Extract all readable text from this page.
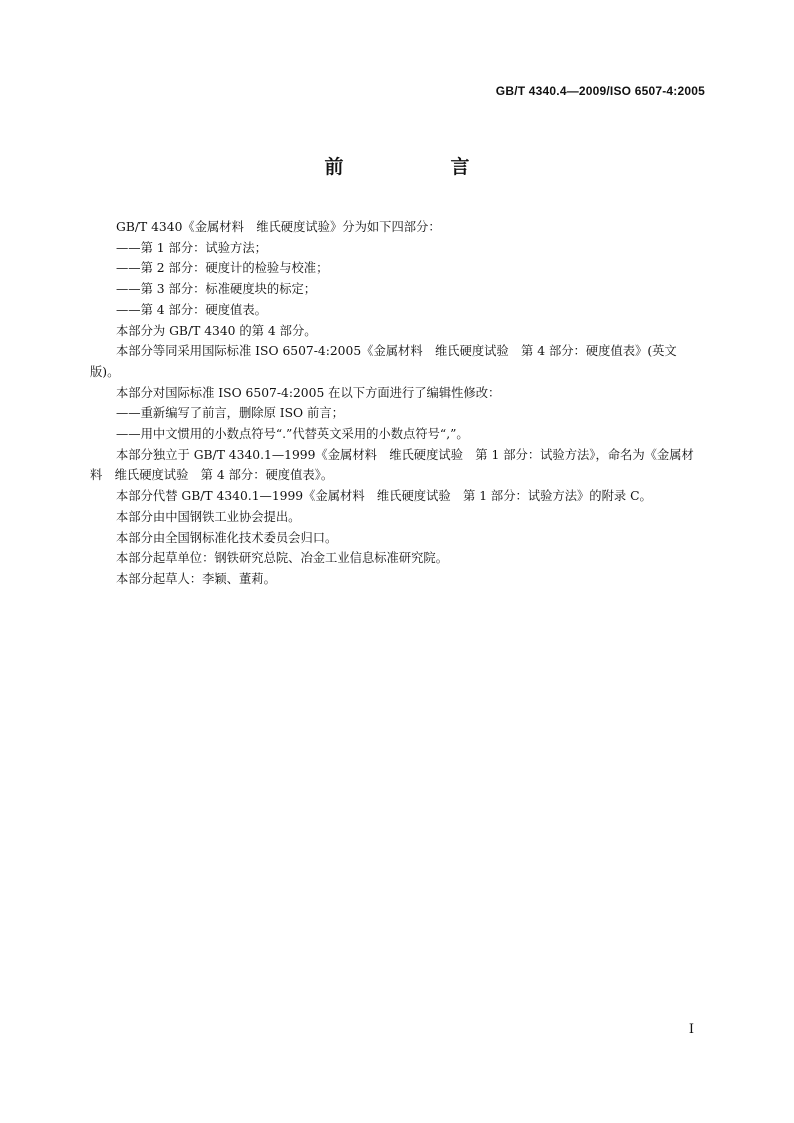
GB/T 4340.4—2009/ISO 6507-4:2005
前　言

GB/T 4340《金属材料　维氏硬度试验》分为如下四部分：

——第 1 部分：试验方法；

——第 2 部分：硬度计的检验与校准；

——第 3 部分：标准硬度块的标定；

——第 4 部分：硬度值表。

本部分为 GB/T 4340 的第 4 部分。

本部分等同采用国际标准 ISO 6507-4:2005《金属材料　维氏硬度试验　第 4 部分：硬度值表》(英文版)。

本部分对国际标准 ISO 6507-4:2005 在以下方面进行了编辑性修改：

——重新编写了前言，删除原 ISO 前言；

——用中文惯用的小数点符号“.”代替英文采用的小数点符号“,”。

本部分独立于 GB/T 4340.1—1999《金属材料　维氏硬度试验　第 1 部分：试验方法》，命名为《金属材料　维氏硬度试验　第 4 部分：硬度值表》。

本部分代替 GB/T 4340.1—1999《金属材料　维氏硬度试验　第 1 部分：试验方法》的附录 C。

本部分由中国钢铁工业协会提出。

本部分由全国钢标准化技术委员会归口。

本部分起草单位：钢铁研究总院、冶金工业信息标准研究院。

本部分起草人：李颖、董莉。

I
